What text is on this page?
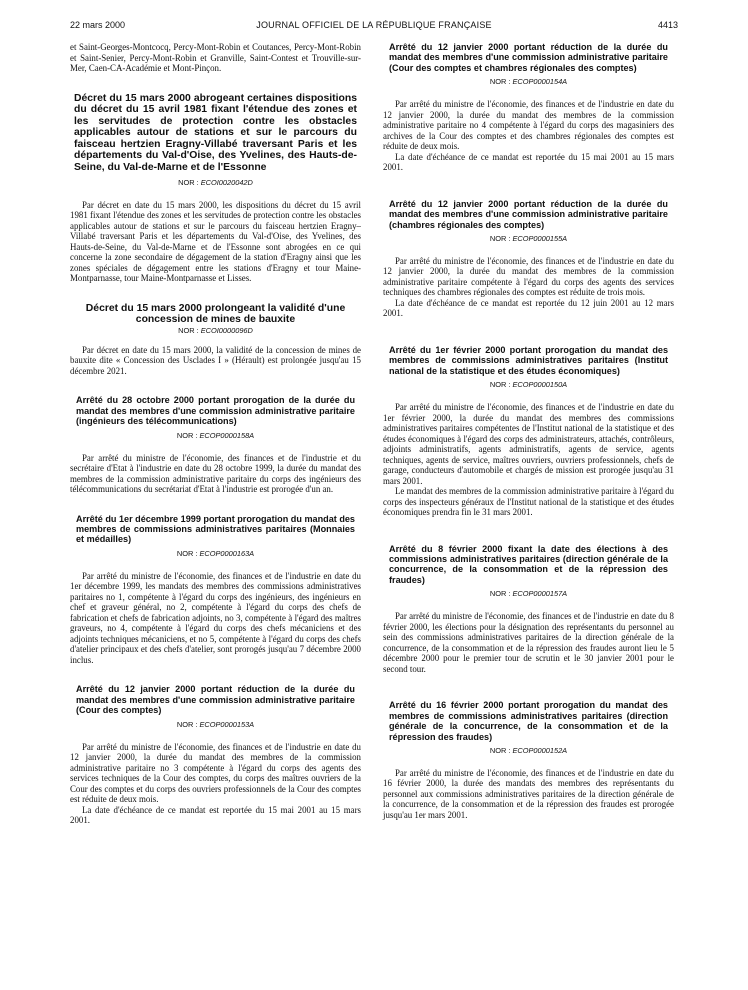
22 mars 2000	JOURNAL OFFICIEL DE LA RÉPUBLIQUE FRANÇAISE	4413

et Saint-Georges-Montcocq, Percy-Mont-Robin et Coutances, Percy-Mont-Robin et Saint-Senier, Percy-Mont-Robin et Granville, Saint-Contest et Trouville-sur-Mer, Caen-CA-Académie et Mont-Pinçon.

Décret du 15 mars 2000 abrogeant certaines dispositions du décret du 15 avril 1981 fixant l'étendue des zones et les servitudes de protection contre les obstacles applicables autour de stations et sur le parcours du faisceau hertzien Eragny-Villabé traversant Paris et les départements du Val-d'Oise, des Yvelines, des Hauts-de-Seine, du Val-de-Marne et de l'Essonne

NOR : ECOI0020042D

Par décret en date du 15 mars 2000, les dispositions du décret du 15 avril 1981 fixant l'étendue des zones et les servitudes de protection contre les obstacles applicables autour de stations et sur le parcours du faisceau hertzien Eragny–Villabé traversant Paris et les départements du Val-d'Oise, des Yvelines, des Hauts-de-Seine, du Val-de-Marne et de l'Essonne sont abrogées en ce qui concerne la zone secondaire de dégagement de la station d'Eragny ainsi que les zones spéciales de dégagement entre les stations d'Eragny et tour Maine-Montparnasse, tour Maine-Montparnasse et Lisses.

Décret du 15 mars 2000 prolongeant la validité d'une concession de mines de bauxite

NOR : ECOI0000096D

Par décret en date du 15 mars 2000, la validité de la concession de mines de bauxite dite « Concession des Usclades I » (Hérault) est prolongée jusqu'au 15 décembre 2021.

Arrêté du 28 octobre 2000 portant prorogation de la durée du mandat des membres d'une commission administrative paritaire (ingénieurs des télécommunications)

NOR : ECOP0000158A

Par arrêté du ministre de l'économie, des finances et de l'industrie et du secrétaire d'Etat à l'industrie en date du 28 octobre 1999, la durée du mandat des membres de la commission administrative paritaire du corps des ingénieurs des télécommunications du secrétariat d'Etat à l'industrie est prorogée d'un an.

Arrêté du 1er décembre 1999 portant prorogation du mandat des membres de commissions administratives paritaires (Monnaies et médailles)

NOR : ECOP0000163A

Par arrêté du ministre de l'économie, des finances et de l'industrie en date du 1er décembre 1999, les mandats des membres des commissions administratives paritaires no 1, compétente à l'égard du corps des ingénieurs, des ingénieurs en chef et graveur général, no 2, compétente à l'égard du corps des chefs de fabrication et chefs de fabrication adjoints, no 3, compétente à l'égard des maîtres graveurs, no 4, compétente à l'égard du corps des chefs mécaniciens et des adjoints techniques mécaniciens, et no 5, compétente à l'égard du corps des chefs d'atelier principaux et des chefs d'atelier, sont prorogés jusqu'au 7 décembre 2000 inclus.

Arrêté du 12 janvier 2000 portant réduction de la durée du mandat des membres d'une commission administrative paritaire (Cour des comptes)

NOR : ECOP0000153A

Par arrêté du ministre de l'économie, des finances et de l'industrie en date du 12 janvier 2000, la durée du mandat des membres de la commission administrative paritaire no 3 compétente à l'égard du corps des agents des services techniques de la Cour des comptes, du corps des maîtres ouvriers de la Cour des comptes et du corps des ouvriers professionnels de la Cour des comptes est réduite de deux mois.

La date d'échéance de ce mandat est reportée du 15 mai 2001 au 15 mars 2001.

Arrêté du 12 janvier 2000 portant réduction de la durée du mandat des membres d'une commission administrative paritaire (Cour des comptes et chambres régionales des comptes)

NOR : ECOP0000154A

Par arrêté du ministre de l'économie, des finances et de l'industrie en date du 12 janvier 2000, la durée du mandat des membres de la commission administrative paritaire no 4 compétente à l'égard du corps des magasiniers des archives de la Cour des comptes et des chambres régionales des comptes est réduite de deux mois.

La date d'échéance de ce mandat est reportée du 15 mai 2001 au 15 mars 2001.

Arrêté du 12 janvier 2000 portant réduction de la durée du mandat des membres d'une commission administrative paritaire (chambres régionales des comptes)

NOR : ECOP0000155A

Par arrêté du ministre de l'économie, des finances et de l'industrie en date du 12 janvier 2000, la durée du mandat des membres de la commission administrative paritaire compétente à l'égard du corps des agents des services techniques des chambres régionales des comptes est réduite de trois mois.

La date d'échéance de ce mandat est reportée du 12 juin 2001 au 12 mars 2001.

Arrêté du 1er février 2000 portant prorogation du mandat des membres de commissions administratives paritaires (Institut national de la statistique et des études économiques)

NOR : ECOP0000150A

Par arrêté du ministre de l'économie, des finances et de l'industrie en date du 1er février 2000, la durée du mandat des membres des commissions administratives paritaires compétentes de l'Institut national de la statistique et des études économiques à l'égard des corps des administrateurs, attachés, contrôleurs, adjoints administratifs, agents administratifs, agents de service, agents techniques, agents de service, maîtres ouvriers, ouvriers professionnels, chefs de garage, conducteurs d'automobile et chargés de mission est prorogée jusqu'au 31 mars 2001.

Le mandat des membres de la commission administrative paritaire à l'égard du corps des inspecteurs généraux de l'Institut national de la statistique et des études économiques prendra fin le 31 mars 2001.

Arrêté du 8 février 2000 fixant la date des élections à des commissions administratives paritaires (direction générale de la concurrence, de la consommation et de la répression des fraudes)

NOR : ECOP0000157A

Par arrêté du ministre de l'économie, des finances et de l'industrie en date du 8 février 2000, les élections pour la désignation des représentants du personnel au sein des commissions administratives paritaires de la direction générale de la concurrence, de la consommation et de la répression des fraudes auront lieu le 5 décembre 2000 pour le premier tour de scrutin et le 30 janvier 2001 pour le second tour.

Arrêté du 16 février 2000 portant prorogation du mandat des membres de commissions administratives paritaires (direction générale de la concurrence, de la consommation et de la répression des fraudes)

NOR : ECOP0000152A

Par arrêté du ministre de l'économie, des finances et de l'industrie en date du 16 février 2000, la durée des mandats des membres des représentants du personnel aux commissions administratives paritaires de la direction générale de la concurrence, de la consommation et de la répression des fraudes est prorogée jusqu'au 1er mars 2001.
